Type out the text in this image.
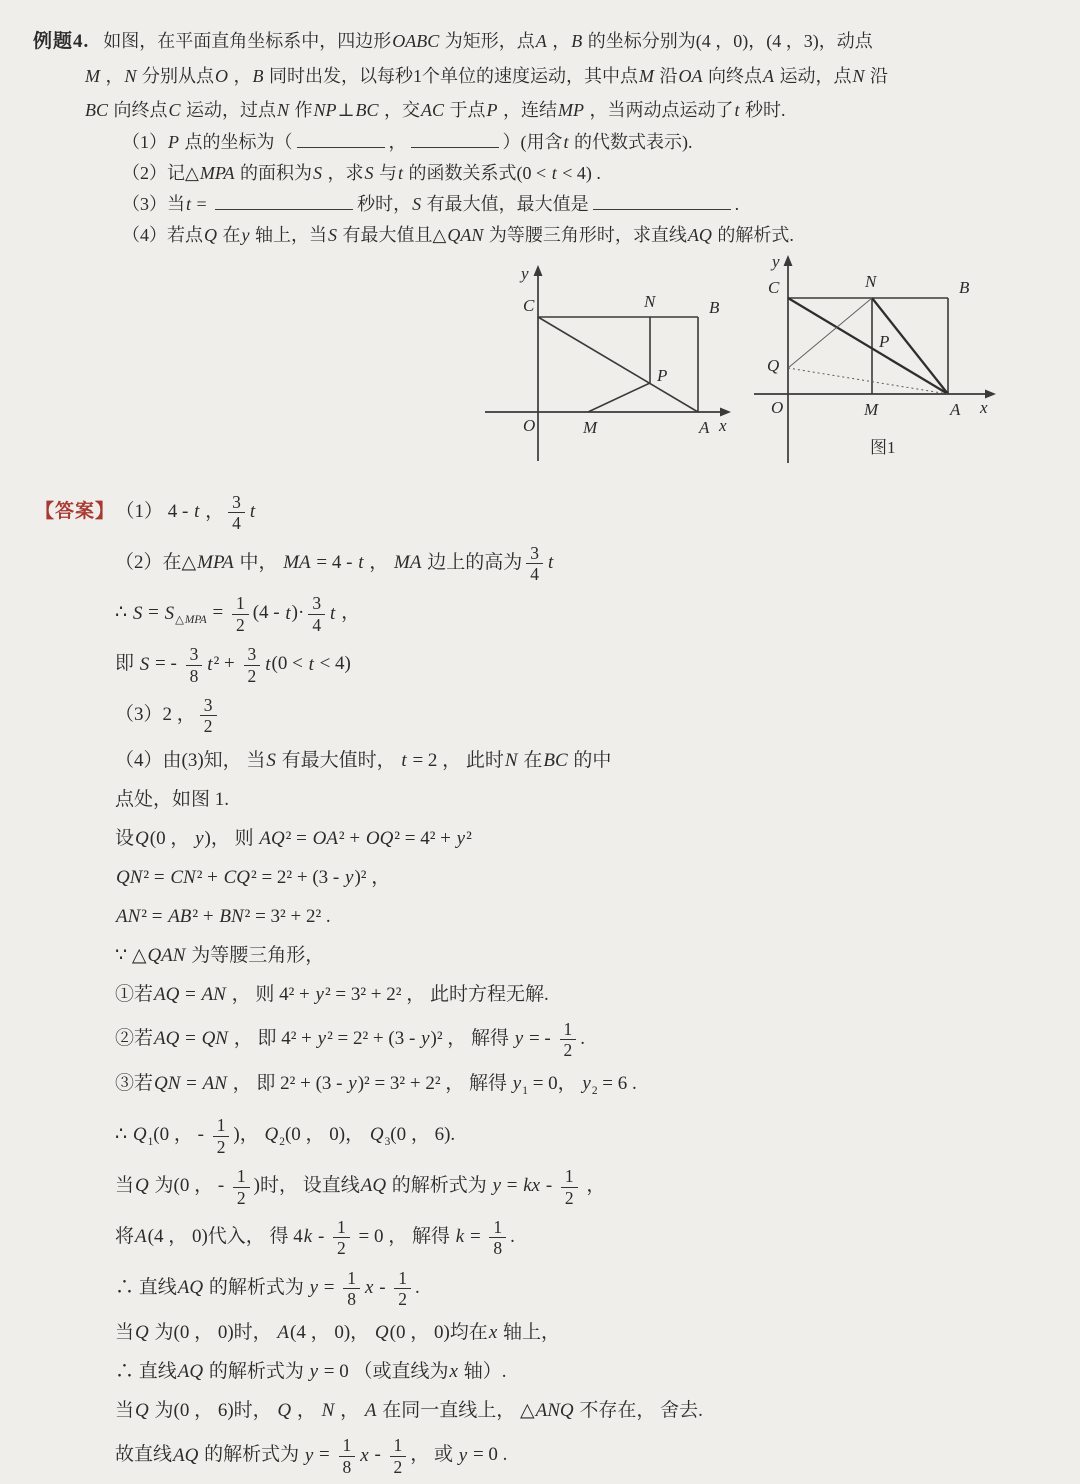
例题4. 如图，在平面直角坐标系中，四边形OABC 为矩形，点A ，B 的坐标分别为(4 ，0)，(4 ，3)，动点
M ，N 分别从点O ，B 同时出发，以每秒1个单位的速度运动，其中点M 沿OA 向终点A 运动，点N 沿
BC 向终点C 运动，过点N 作NP⊥BC ，交AC 于点P ，连结MP ，当两动点运动了t 秒时.
（1）P 点的坐标为（	，	）(用含t 的代数式表示).
（2）记△MPA 的面积为S ，求S 与t 的函数关系式(0 < t < 4) .
（3）当t =	秒时，S 有最大值，最大值是	.
（4）若点Q 在y 轴上，当S 有最大值且△QAN 为等腰三角形时，求直线AQ 的解析式.
y
C	N	B
P
O	M	A x
y
C	N	B
Q
P
O	M	A x
图1
【答案】 （1） 4 - t ， $\frac{3}{4}$ t
（2）在△MPA 中， MA = 4 - t ， MA 边上的高为 $\frac{3}{4}$ t
∴ $S = S_{\triangle MPA} = \frac{1}{2} (4 - t)\cdot \frac{3}{4}$ t ，
即 S = - $\frac{3}{8} t^2 + \frac{3}{2} t(0 < t < 4)$
（3）2 ， $\frac{3}{2}$
（4）由(3)知， 当S 有最大值时， t = 2 ， 此时N 在BC 的中
点处，如图 1.
设Q(0 ， y)， 则 AQ² = OA² + OQ² = 4² + y²
QN² = CN² + CQ² = 2² + (3 - y)² ，
AN² = AB² + BN² = 3² + 2² .
∵ △QAN 为等腰三角形，
①若AQ = AN ， 则 4² + y² = 3² + 2² ， 此时方程无解.
②若AQ = QN ， 即 4² + y² = 2² + (3 - y)² ， 解得 y = - $\frac{1}{2}$ .
③若QN = AN ， 即 2² + (3 - y)² = 3² + 2² ， 解得 $y_1 = 0$， $y_2 = 6$ .
∴ $Q_1(0$ ， - $\frac{1}{2}$ )， $Q_2(0$ ， 0)， $Q_3(0$ ， 6).
当Q 为(0 ， - $\frac{1}{2}$ )时， 设直线AQ 的解析式为 y = kx - $\frac{1}{2}$ ，
将A(4 ， 0)代入， 得 $4k - \frac{1}{2} = 0$ ， 解得 $k = \frac{1}{8}$ .
∴ 直线AQ 的解析式为 $y = \frac{1}{8}$ x - $\frac{1}{2}$ .
当Q 为(0 ， 0)时， A(4 ， 0)， Q(0 ， 0)均在x 轴上，
∴ 直线AQ 的解析式为 y = 0 （或直线为x 轴）.
当Q 为(0 ， 6)时， Q ， N ， A 在同一直线上， △ANQ 不存在， 舍去.
故直线AQ 的解析式为 $y = \frac{1}{8}$ x - $\frac{1}{2}$ ， 或 y = 0 .
